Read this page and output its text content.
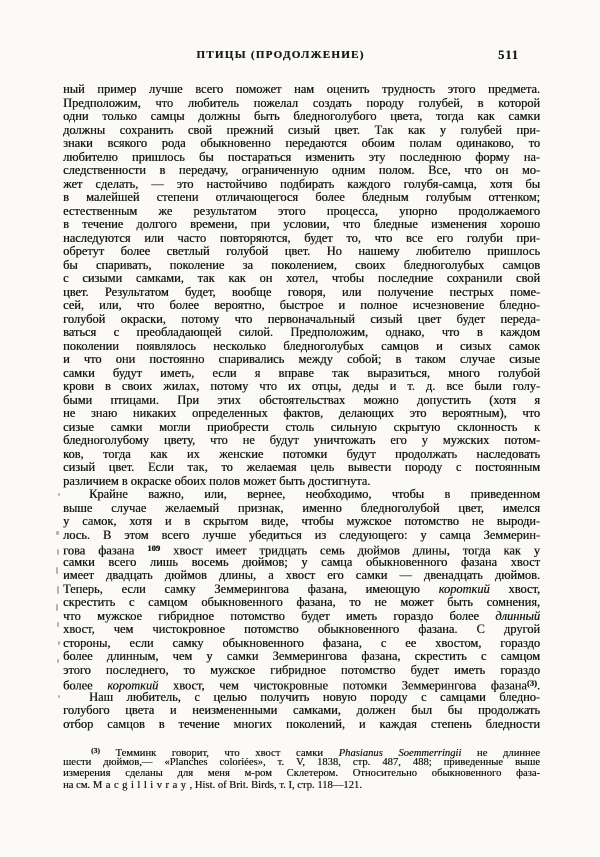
ПТИЦЫ (ПРОДОЛЖЕНИЕ)	511
ный пример лучше всего поможет нам оценить трудность этого предмета.
Предположим, что любитель пожелал создать породу голубей, в которой
одни только самцы должны быть бледноголубого цвета, тогда как самки
должны сохранить свой прежний сизый цвет. Так как у голубей при-
знаки всякого рода обыкновенно передаются обоим полам одинаково, то
любителю пришлось бы постараться изменить эту последнюю форму на-
следственности в передачу, ограниченную одним полом. Все, что он мо-
жет сделать, — это настойчиво подбирать каждого голубя-самца, хотя бы
в малейшей степени отличающегося более бледным голубым оттенком;
естественным же результатом этого процесса, упорно продолжаемого
в течение долгого времени, при условии, что бледные изменения хорошо
наследуются или часто повторяются, будет то, что все его голуби при-
обретут более светлый голубой цвет. Но нашему любителю пришлось
бы спаривать, поколение за поколением, своих бледноголубых самцов
с сизыми самками, так как он хотел, чтобы последние сохранили свой
цвет. Результатом будет, вообще говоря, или получение пестрых поме-
сей, или, что более вероятно, быстрое и полное исчезновение бледно-
голубой окраски, потому что первоначальный сизый цвет будет переда-
ваться с преобладающей силой. Предположим, однако, что в каждом
поколении появлялось несколько бледноголубых самцов и сизых самок
и что они постоянно спаривались между собой; в таком случае сизые
самки будут иметь, если я вправе так выразиться, много голубой
крови в своих жилах, потому что их отцы, деды и т. д. все были голу-
быми птицами. При этих обстоятельствах можно допустить (хотя я
не знаю никаких определенных фактов, делающих это вероятным), что
сизые самки могли приобрести столь сильную скрытую склонность к
бледноголубому цвету, что не будут уничтожать его у мужских потом-
ков, тогда как их женские потомки будут продолжать наследовать
сизый цвет. Если так, то желаемая цель вывести породу с постоянным
различием в окраске обоих полов может быть достигнута.
Крайне важно, или, вернее, необходимо, чтобы в приведенном
выше случае желаемый признак, именно бледноголубой цвет, имелся
у самок, хотя и в скрытом виде, чтобы мужское потомство не выроди-
лось. В этом всего лучше убедиться из следующего: у самца Земмерин-
гова фазана $^{109}$ хвост имеет тридцать семь дюймов длины, тогда как у
самки всего лишь восемь дюймов; у самца обыкновенного фазана хвост
имеет двадцать дюймов длины, а хвост его самки — двенадцать дюймов.
Теперь, если самку Земмерингова фазана, имеющую короткий хвост,
скрестить с самцом обыкновенного фазана, то не может быть сомнения,
что мужское гибридное потомство будет иметь гораздо более длинный
хвост, чем чистокровное потомство обыкновенного фазана. С другой
стороны, если самку обыкновенного фазана, с ее хвостом, гораздо
более длинным, чем у самки Земмерингова фазана, скрестить с самцом
этого последнего, то мужское гибридное потомство будет иметь гораздо
более короткий хвост, чем чистокровные потомки Земмерингова фазана$^{(3)}$.
Наш любитель, с целью получить новую породу с самцами бледно-
голубого цвета и неизмененными самками, должен был бы продолжать
отбор самцов в течение многих поколений, и каждая степень бледности
$^{(3)}$ Темминк говорит, что хвост самки Phasianus Soemmerringii не длиннее
шести дюймов,— «Planches coloriées», т. V, 1838, стр. 487, 488; приведенные выше
измерения сделаны для меня м-ром Склетером. Относительно обыкновенного фаза-
на см. Macgillivray, Hist. of Brit. Birds, т. I, стр. 118—121.
